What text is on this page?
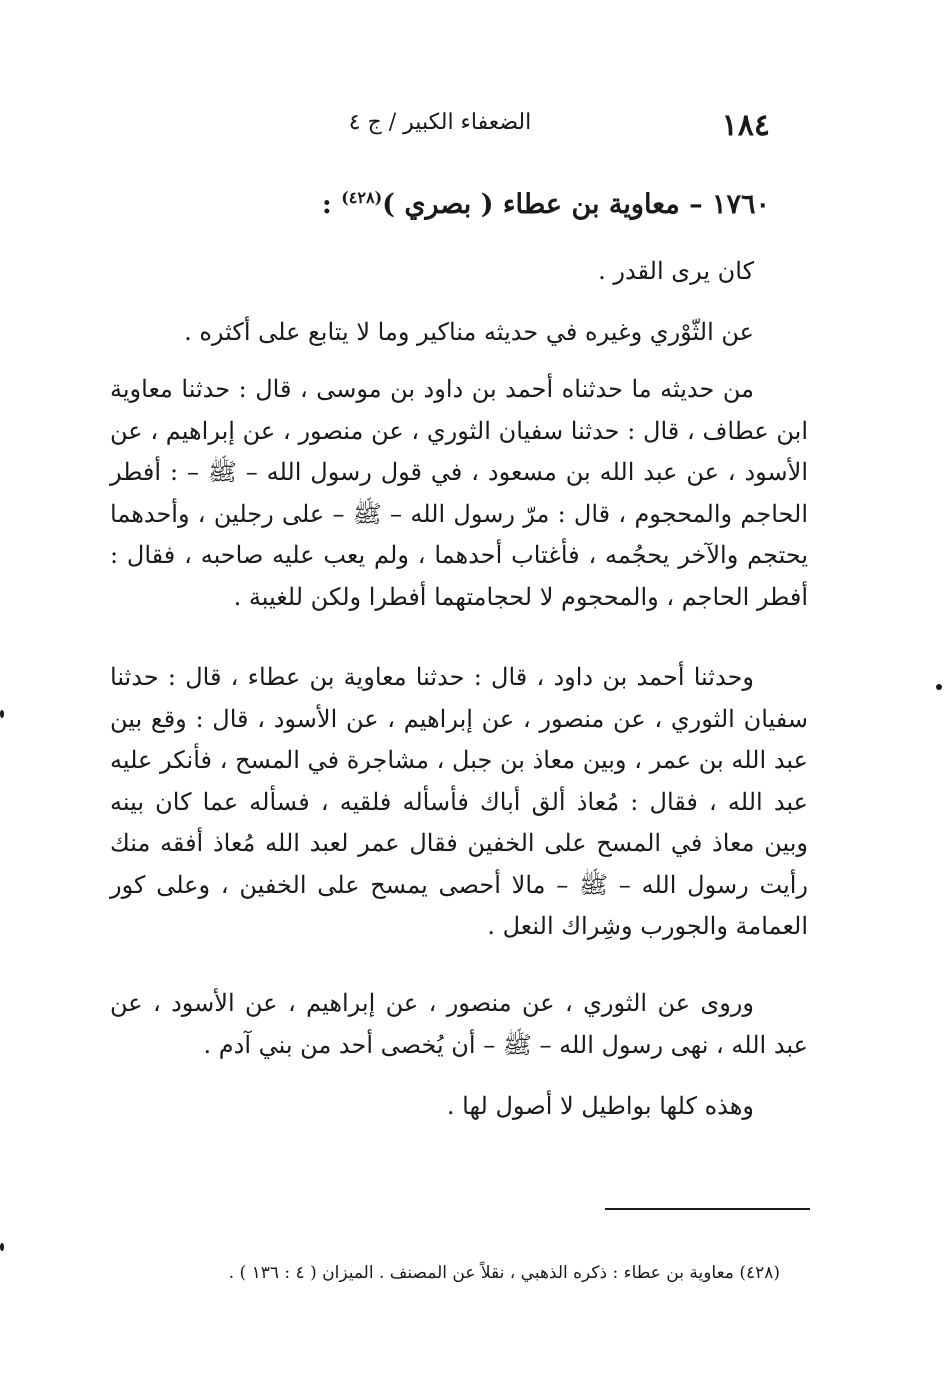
١٨٤
الضعفاء الكبير / ج ٤
١٧٦٠ – معاوية بن عطاء ( بصري )$^{(٤٢٨)}$ :
كان يرى القدر .
عن الثّوْري وغيره في حديثه مناكير وما لا يتابع على أكثره .
من حديثه ما حدثناه أحمد بن داود بن موسى ، قال : حدثنا معاوية ابن عطاف ، قال : حدثنا سفيان الثوري ، عن منصور ، عن إبراهيم ، عن الأسود ، عن عبد الله بن مسعود ، في قول رسول الله – ﷺ – : أفطر الحاجم والمحجوم ، قال : مرّ رسول الله – ﷺ – على رجلين ، وأحدهما يحتجم والآخر يحجُمه ، فأغتاب أحدهما ، ولم يعب عليه صاحبه ، فقال : أفطر الحاجم ، والمحجوم لا لحجامتهما أفطرا ولكن للغيبة .
وحدثنا أحمد بن داود ، قال : حدثنا معاوية بن عطاء ، قال : حدثنا سفيان الثوري ، عن منصور ، عن إبراهيم ، عن الأسود ، قال : وقع بين عبد الله بن عمر ، وبين معاذ بن جبل ، مشاجرة في المسح ، فأنكر عليه عبد الله ، فقال : مُعاذ ألق أباك فأسأله فلقيه ، فسأله عما كان بينه وبين معاذ في المسح على الخفين فقال عمر لعبد الله مُعاذ أفقه منك رأيت رسول الله – ﷺ – مالا أحصى يمسح على الخفين ، وعلى كور العمامة والجورب وشِراك النعل .
وروى عن الثوري ، عن منصور ، عن إبراهيم ، عن الأسود ، عن عبد الله ، نهى رسول الله – ﷺ – أن يُخصى أحد من بني آدم .
وهذه كلها بواطيل لا أصول لها .
(٤٢٨) معاوية بن عطاء : ذكره الذهبي ، نقلاً عن المصنف . الميزان ( ٤ : ١٣٦ ) .
